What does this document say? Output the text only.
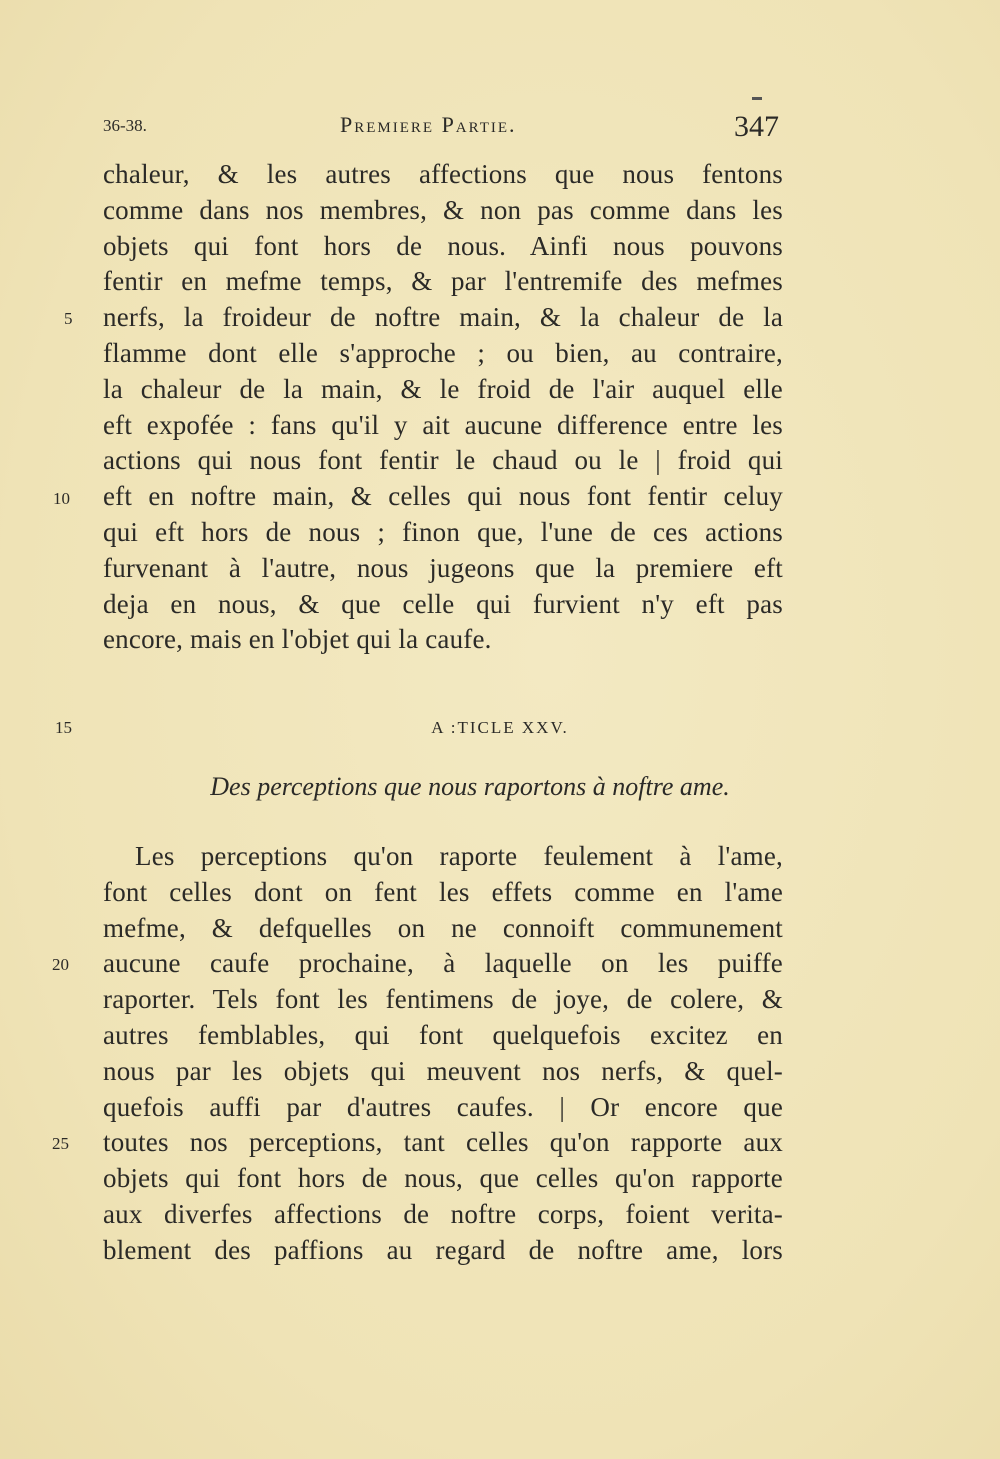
36-38.	Premiere Partie.	347
▬
chaleur, & les autres affections que nous fentons
comme dans nos membres, & non pas comme dans les
objets qui font hors de nous. Ainfi nous pouvons
fentir en mefme temps, & par l'entremife des mefmes
nerfs, la froideur de noftre main, & la chaleur de la
flamme dont elle s'approche ; ou bien, au contraire,
la chaleur de la main, & le froid de l'air auquel elle
eft expofée : fans qu'il y ait aucune difference entre les
actions qui nous font fentir le chaud ou le | froid qui
eft en noftre main, & celles qui nous font fentir celuy
qui eft hors de nous ; finon que, l'une de ces actions
furvenant à l'autre, nous jugeons que la premiere eft
deja en nous, & que celle qui furvient n'y eft pas
encore, mais en l'objet qui la caufe.
5
10
15	A :TICLE XXV.
Des perceptions que nous raportons à noftre ame.
Les perceptions qu'on raporte feulement à l'ame,
font celles dont on fent les effets comme en l'ame
mefme, & defquelles on ne connoift communement
aucune caufe prochaine, à laquelle on les puiffe
raporter. Tels font les fentimens de joye, de colere, &
autres femblables, qui font quelquefois excitez en
nous par les objets qui meuvent nos nerfs, & quel-
quefois auffi par d'autres caufes. | Or encore que
toutes nos perceptions, tant celles qu'on rapporte aux
objets qui font hors de nous, que celles qu'on rapporte
aux diverfes affections de noftre corps, foient verita-
blement des paffions au regard de noftre ame, lors
20
25
